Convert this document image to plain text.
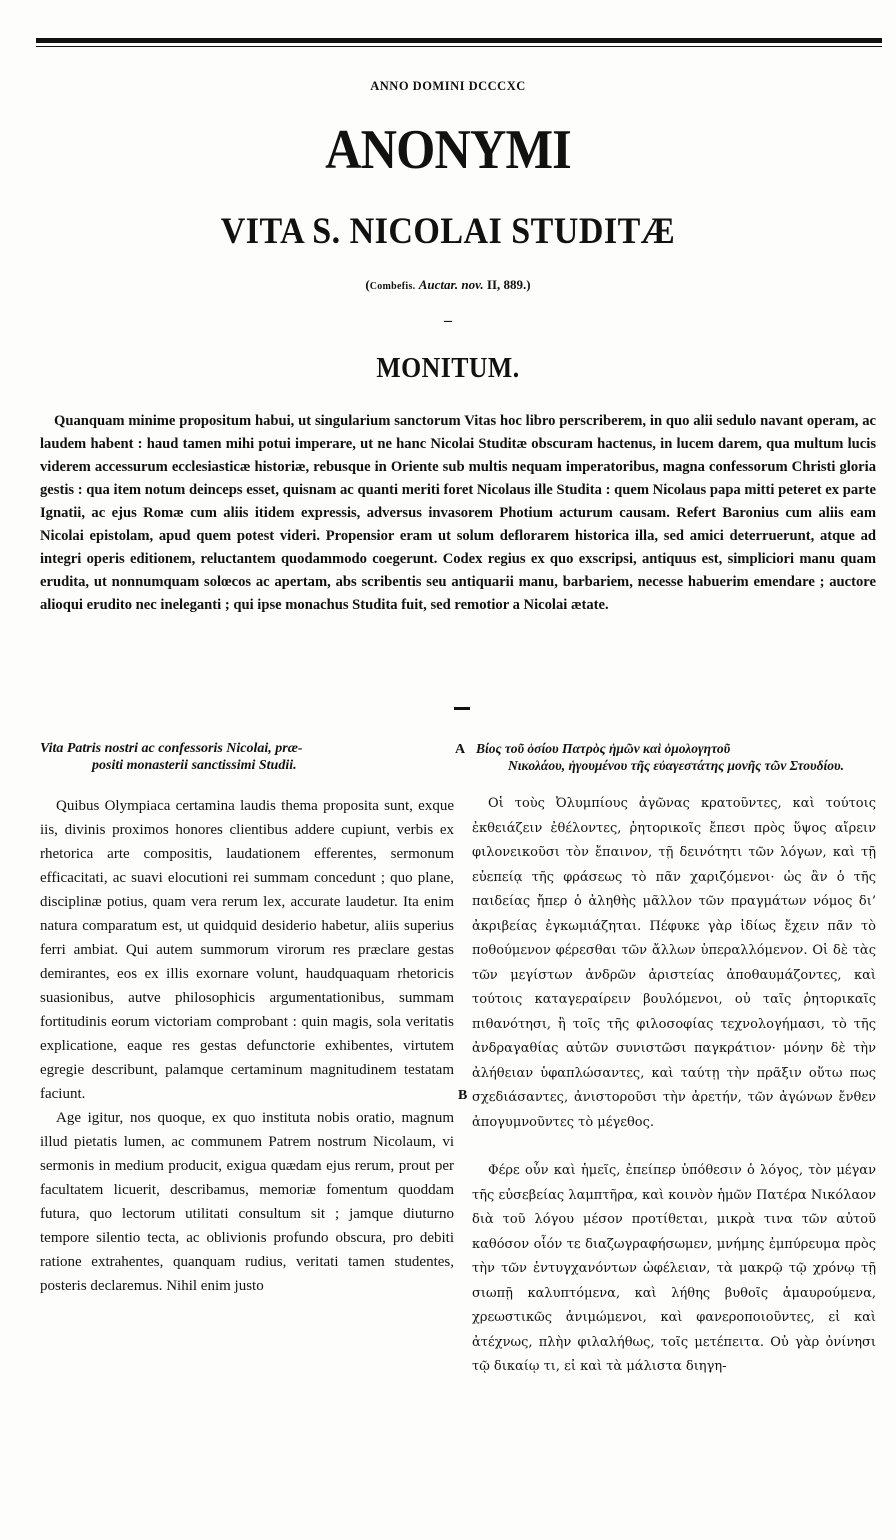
ANNO DOMINI DCCCXC
ANONYMI
VITA S. NICOLAI STUDITÆ
(Combefis. Auctar. nov. II, 889.)
–
MONITUM.
Quanquam minime propositum habui, ut singularium sanctorum Vitas hoc libro perscriberem, in quo alii sedulo navant operam, ac laudem habent : haud tamen mihi potui imperare, ut ne hanc Nicolai Studitæ obscuram hactenus, in lucem darem, qua multum lucis viderem accessurum ecclesiasticæ historiæ, rebusque in Oriente sub multis nequam imperatoribus, magna confessorum Christi gloria gestis : qua item notum deinceps esset, quisnam ac quanti meriti foret Nicolaus ille Studita : quem Nicolaus papa mitti peteret ex parte Ignatii, ac ejus Romæ cum aliis itidem expressis, adversus invasorem Photium acturum causam. Refert Baronius cum aliis eam Nicolai epistolam, apud quem potest videri. Propensior eram ut solum deflorarem historica illa, sed amici deterruerunt, atque ad integri operis editionem, reluctantem quodammodo coegerunt. Codex regius ex quo exscripsi, antiquus est, simpliciori manu quam erudita, ut nonnumquam solœcos ac apertam, abs scribentis seu antiquarii manu, barbariem, necesse habuerim emendare ; auctore alioqui erudito nec ineleganti ; qui ipse monachus Studita fuit, sed remotior a Nicolai ætate.
A
B
Vita Patris nostri ac confessoris Nicolai, præ-
positi monasterii sanctissimi Studii.

Quibus Olympiaca certamina laudis thema proposita sunt, exque iis, divinis proximos honores clientibus addere cupiunt, verbis ex rhetorica arte compositis, laudationem efferentes, sermonum efficacitati, ac suavi elocutioni rei summam concedunt ; quo plane, disciplinæ potius, quam vera rerum lex, accurate laudetur. Ita enim natura comparatum est, ut quidquid desiderio habetur, aliis superius ferri ambiat. Qui autem summorum virorum res præclare gestas demirantes, eos ex illis exornare volunt, haudquaquam rhetoricis suasionibus, autve philosophicis argumentationibus, summam fortitudinis eorum victoriam comprobant : quin magis, sola veritatis explicatione, eaque res gestas defunctorie exhibentes, virtutem egregie describunt, palamque certaminum magnitudinem testatam faciunt.

Age igitur, nos quoque, ex quo instituta nobis oratio, magnum illud pietatis lumen, ac communem Patrem nostrum Nicolaum, vi sermonis in medium producit, exigua quædam ejus rerum, prout per facultatem licuerit, describamus, memoriæ fomentum quoddam futura, quo lectorum utilitati consultum sit ; jamque diuturno tempore silentio tecta, ac oblivionis profundo obscura, pro debiti ratione extrahentes, quanquam rudius, veritati tamen studentes, posteris declaremus. Nihil enim justo

Βίος τοῦ ὁσίου Πατρὸς ἡμῶν καὶ ὁμολογητοῦ
Νικολάου, ἡγουμένου τῆς εὐαγεστάτης μονῆς τῶν Στουδίου.

Οἱ τοὺς Ὀλυμπίους ἀγῶνας κρατοῦντες, καὶ τούτοις ἐκθειάζειν ἐθέλοντες, ῥητορικοῖς ἔπεσι πρὸς ὕψος αἴρειν φιλονεικοῦσι τὸν ἔπαινον, τῇ δεινότητι τῶν λόγων, καὶ τῇ εὐεπείᾳ τῆς φράσεως τὸ πᾶν χαριζόμενοι· ὡς ἂν ὁ τῆς παιδείας ἤπερ ὁ ἀληθὴς μᾶλλον τῶν πραγμάτων νόμος δι’ ἀκριβείας ἐγκωμιάζηται. Πέφυκε γὰρ ἰδίως ἔχειν πᾶν τὸ ποθούμενον φέρεσθαι τῶν ἄλλων ὑπεραλλόμενον. Οἱ δὲ τὰς τῶν μεγίστων ἀνδρῶν ἀριστείας ἀποθαυμάζοντες, καὶ τούτοις καταγεραίρειν βουλόμενοι, οὐ ταῖς ῥητορικαῖς πιθανότησι, ἢ τοῖς τῆς φιλοσοφίας τεχνολογήμασι, τὸ τῆς ἀνδραγαθίας αὐτῶν συνιστῶσι παγκράτιον· μόνην δὲ τὴν ἀλήθειαν ὑφαπλώσαντες, καὶ ταύτῃ τὴν πρᾶξιν οὕτω πως σχεδιάσαντες, ἀνιστοροῦσι τὴν ἀρετήν, τῶν ἀγώνων ἔνθεν ἀπογυμνοῦντες τὸ μέγεθος.

Φέρε οὖν καὶ ἡμεῖς, ἐπείπερ ὑπόθεσιν ὁ λόγος, τὸν μέγαν τῆς εὐσεβείας λαμπτῆρα, καὶ κοινὸν ἡμῶν Πατέρα Νικόλαον διὰ τοῦ λόγου μέσον προτίθεται, μικρὰ τινα τῶν αὐτοῦ καθόσον οἷόν τε διαζωγραφήσωμεν, μνήμης ἐμπύρευμα πρὸς τὴν τῶν ἐντυγχανόντων ὠφέλειαν, τὰ μακρῷ τῷ χρόνῳ τῇ σιωπῇ καλυπτόμενα, καὶ λήθης βυθοῖς ἀμαυρούμενα, χρεωστικῶς ἀνιμώμενοι, καὶ φανεροποιοῦντες, εἰ καὶ ἀτέχνως, πλὴν φιλαλήθως, τοῖς μετέπειτα. Οὐ γὰρ ὀνίνησι τῷ δικαίῳ τι, εἰ καὶ τὰ μάλιστα διηγη-
